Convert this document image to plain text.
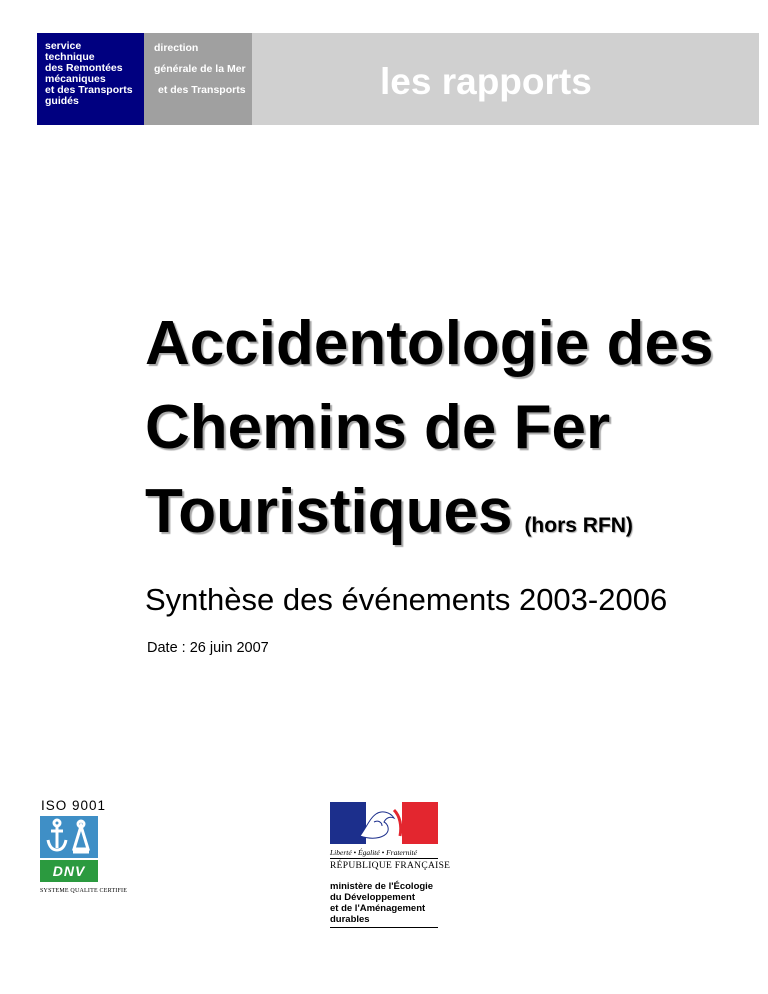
service
technique
des Remontées
mécaniques
et des Transports
guidés
direction
générale de la Mer
et des Transports	les rapports
Accidentologie des
Chemins de Fer
Touristiques (hors RFN)
Synthèse des événements 2003-2006
Date : 26 juin 2007
ISO 9001
DNV
SYSTEME QUALITE CERTIFIE
Liberté • Égalité • Fraternité
RÉPUBLIQUE FRANÇAISE
ministère de l'Écologie
du Développement
et de l'Aménagement
durables
